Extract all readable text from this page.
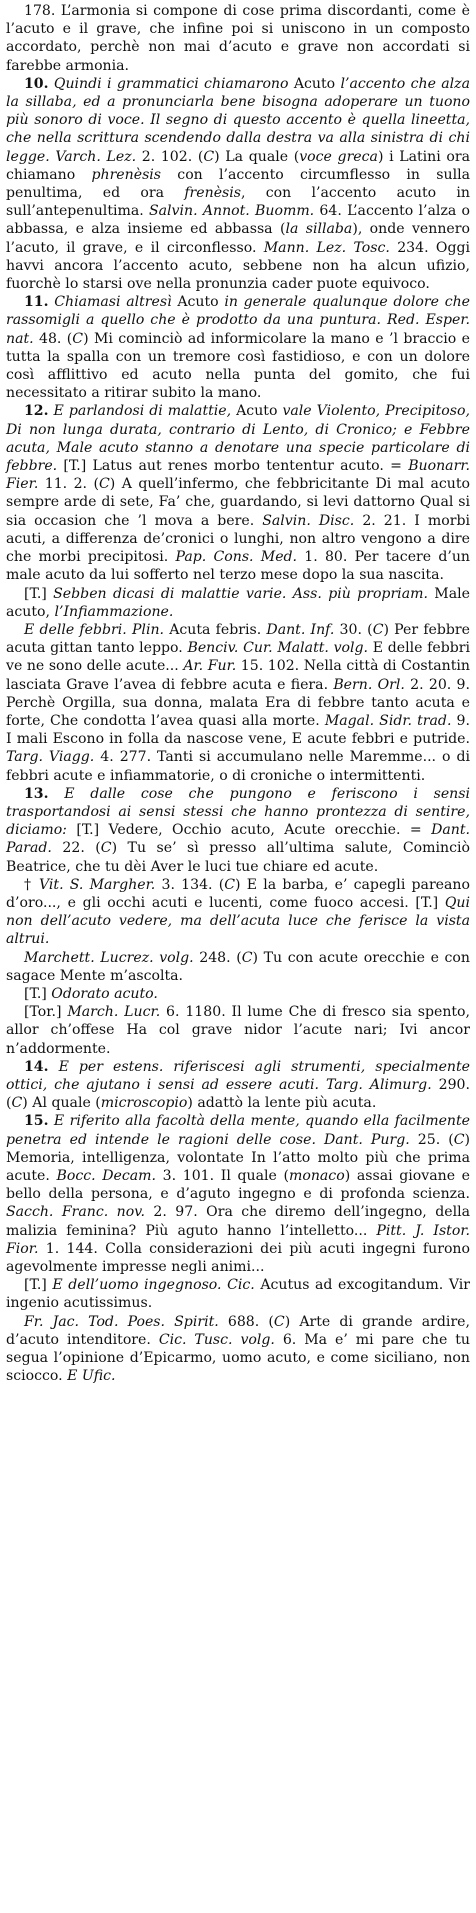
178. L’armonia si compone di cose prima discordanti, come è l’acuto e il grave, che infine poi si uniscono in un composto accordato, perchè non mai d’acuto e grave non accordati si farebbe armonia.

10. Quindi i grammatici chiamarono Acuto l’accento che alza la sillaba, ed a pronunciarla bene bisogna adoperare un tuono più sonoro di voce. Il segno di questo accento è quella lineetta, che nella scrittura scendendo dalla destra va alla sinistra di chi legge. Varch. Lez. 2. 102. (C) La quale (voce greca) i Latini ora chiamano phrenèsis con l’accento circumflesso in sulla penultima, ed ora frenèsis, con l’accento acuto in sull’antepenultima. Salvin. Annot. Buomm. 64. L’accento l’alza o abbassa, e alza insieme ed abbassa (la sillaba), onde vennero l’acuto, il grave, e il circonflesso. Mann. Lez. Tosc. 234. Oggi havvi ancora l’accento acuto, sebbene non ha alcun ufizio, fuorchè lo starsi ove nella pronunzia cader puote equivoco.

11. Chiamasi altresì Acuto in generale qualunque dolore che rassomigli a quello che è prodotto da una puntura. Red. Esper. nat. 48. (C) Mi cominciò ad informicolare la mano e ’l braccio e tutta la spalla con un tremore così fastidioso, e con un dolore così afflittivo ed acuto nella punta del gomito, che fui necessitato a ritirar subito la mano.

12. E parlandosi di malattie, Acuto vale Violento, Precipitoso, Di non lunga durata, contrario di Lento, di Cronico; e Febbre acuta, Male acuto stanno a denotare una specie particolare di febbre. [T.] Latus aut renes morbo tententur acuto. = Buonarr. Fier. 11. 2. (C) A quell’infermo, che febbricitante Di mal acuto sempre arde di sete, Fa’ che, guardando, si levi dattorno Qual si sia occasion che ’l mova a bere. Salvin. Disc. 2. 21. I morbi acuti, a differenza de’cronici o lunghi, non altro vengono a dire che morbi precipitosi. Pap. Cons. Med. 1. 80. Per tacere d’un male acuto da lui sofferto nel terzo mese dopo la sua nascita.

[T.] Sebben dicasi di malattie varie. Ass. più propriam. Male acuto, l’Infiammazione.

E delle febbri. Plin. Acuta febris. Dant. Inf. 30. (C) Per febbre acuta gittan tanto leppo. Benciv. Cur. Malatt. volg. E delle febbri ve ne sono delle acute... Ar. Fur. 15. 102. Nella città di Costantin lasciata Grave l’avea di febbre acuta e fiera. Bern. Orl. 2. 20. 9. Perchè Orgilla, sua donna, malata Era di febbre tanto acuta e forte, Che condotta l’avea quasi alla morte. Magal. Sidr. trad. 9. I mali Escono in folla da nascose vene, E acute febbri e putride. Targ. Viagg. 4. 277. Tanti si accumulano nelle Maremme... o di febbri acute e infiammatorie, o di croniche o intermittenti.

13. E dalle cose che pungono e feriscono i sensi trasportandosi ai sensi stessi che hanno prontezza di sentire, diciamo: [T.] Vedere, Occhio acuto, Acute orecchie. = Dant. Parad. 22. (C) Tu se’ sì presso all’ultima salute, Cominciò Beatrice, che tu dèi Aver le luci tue chiare ed acute.

† Vit. S. Margher. 3. 134. (C) E la barba, e’ capegli pareano d’oro..., e gli occhi acuti e lucenti, come fuoco accesi. [T.] Qui non dell’acuto vedere, ma dell’acuta luce che ferisce la vista altrui.

Marchett. Lucrez. volg. 248. (C) Tu con acute orecchie e con sagace Mente m’ascolta.

[T.] Odorato acuto.

[Tor.] March. Lucr. 6. 1180. Il lume Che di fresco sia spento, allor ch’offese Ha col grave nidor l’acute nari; Ivi ancor n’addormente.

14. E per estens. riferiscesi agli strumenti, specialmente ottici, che ajutano i sensi ad essere acuti. Targ. Alimurg. 290. (C) Al quale (microscopio) adattò la lente più acuta.

15. E riferito alla facoltà della mente, quando ella facilmente penetra ed intende le ragioni delle cose. Dant. Purg. 25. (C) Memoria, intelligenza, volontate In l’atto molto più che prima acute. Bocc. Decam. 3. 101. Il quale (monaco) assai giovane e bello della persona, e d’aguto ingegno e di profonda scienza. Sacch. Franc. nov. 2. 97. Ora che diremo dell’ingegno, della malizia feminina? Più aguto hanno l’intelletto... Pitt. J. Istor. Fior. 1. 144. Colla considerazioni dei più acuti ingegni furono agevolmente impresse negli animi...

[T.] E dell’uomo ingegnoso. Cic. Acutus ad excogitandum. Vir ingenio acutissimus.

Fr. Jac. Tod. Poes. Spirit. 688. (C) Arte di grande ardire, d’acuto intenditore. Cic. Tusc. volg. 6. Ma e’ mi pare che tu segua l’opinione d’Epicarmo, uomo acuto, e come siciliano, non sciocco. E Ufic.
